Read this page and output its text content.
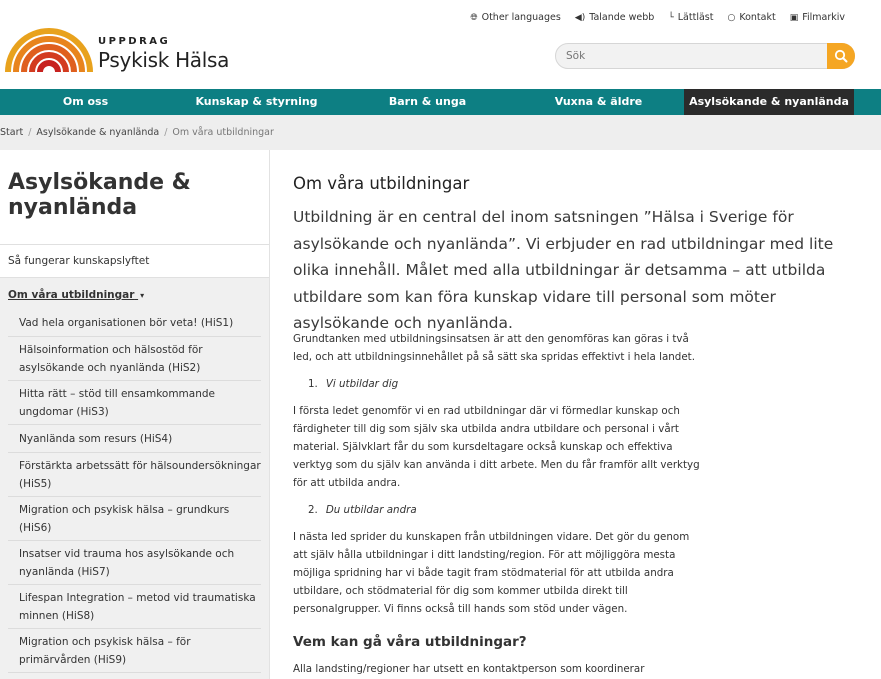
UPPDRAG
Psykisk Hälsa
🌐︎ Other languages ◀) Talande webb └ Lättläst ○ Kontakt ▣ Filmarkiv
Sök
Om oss	Kunskap & styrning	Barn & unga	Vuxna & äldre	Asylsökande & nyanlända
Start / Asylsökande & nyanlända / Om våra utbildningar
Asylsökande & nyanlända
Så fungerar kunskapslyftet
Om våra utbildningar ▾
Vad hela organisationen bör veta! (HiS1)
Hälsoinformation och hälsostöd för asylsökande och nyanlända (HiS2)
Hitta rätt – stöd till ensamkommande ungdomar (HiS3)
Nyanlända som resurs (HiS4)
Förstärkta arbetssätt för hälsoundersökningar (HiS5)
Migration och psykisk hälsa – grundkurs (HiS6)
Insatser vid trauma hos asylsökande och nyanlända (HiS7)
Lifespan Integration – metod vid traumatiska minnen (HiS8)
Migration och psykisk hälsa – för primärvården (HiS9)
Om våra utbildningar

Utbildning är en central del inom satsningen ”Hälsa i Sverige för asylsökande och nyanlända”. Vi erbjuder en rad utbildningar med lite olika innehåll. Målet med alla utbildningar är detsamma – att utbilda utbildare som kan föra kunskap vidare till personal som möter asylsökande och nyanlända.

Grundtanken med utbildningsinsatsen är att den genomföras kan göras i två led, och att utbildningsinnehållet på så sätt ska spridas effektivt i hela landet.

1. Vi utbildar dig

I första ledet genomför vi en rad utbildningar där vi förmedlar kunskap och färdigheter till dig som själv ska utbilda andra utbildare och personal i vårt material. Självklart får du som kursdeltagare också kunskap och effektiva verktyg som du själv kan använda i ditt arbete. Men du får framför allt verktyg för att utbilda andra.

2. Du utbildar andra

I nästa led sprider du kunskapen från utbildningen vidare. Det gör du genom att själv hålla utbildningar i ditt landsting/region. För att möjliggöra mesta möjliga spridning har vi både tagit fram stödmaterial för att utbilda andra utbildare, och stödmaterial för dig som kommer utbilda direkt till personalgrupper. Vi finns också till hands som stöd under vägen.

Vem kan gå våra utbildningar?

Alla landsting/regioner har utsett en kontaktperson som koordinerar
